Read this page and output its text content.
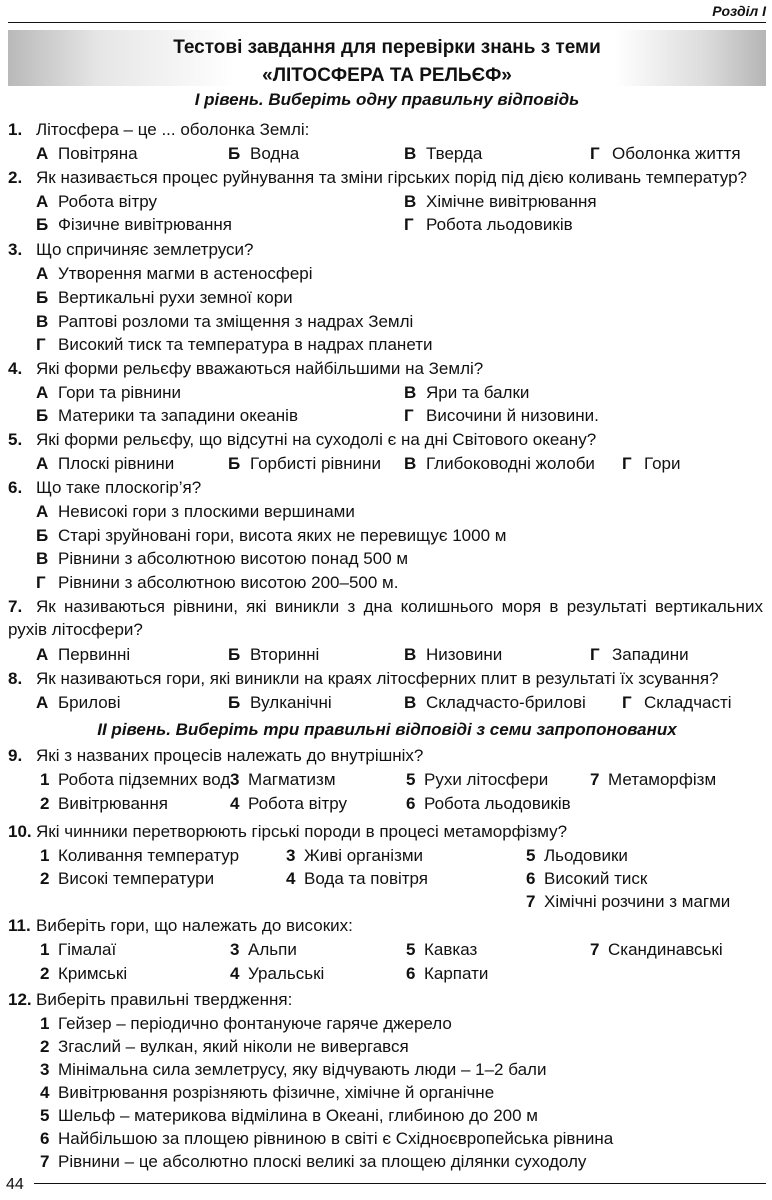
Розділ І
Тестові завдання для перевірки знань з теми
«ЛІТОСФЕРА ТА РЕЛЬЄФ»
І рівень. Виберіть одну правильну відповідь
1. Літосфера – це ... оболонка Землі:
А Повітряна	Б Водна	В Тверда	Г Оболонка життя
2. Як називається процес руйнування та зміни гірських порід під дією коливань температур?
А Робота вітру	В Хімічне вивітрювання
Б Фізичне вивітрювання	Г Робота льодовиків
3. Що спричиняє землетруси?
А Утворення магми в астеносфері
Б Вертикальні рухи земної кори
В Раптові розломи та зміщення з надрах Землі
Г Високий тиск та температура в надрах планети
4. Які форми рельєфу вважаються найбільшими на Землі?
А Гори та рівнини	В Яри та балки
Б Материки та западини океанів	Г Височини й низовини.
5. Які форми рельєфу, що відсутні на суходолі є на дні Світового океану?
А Плоскі рівнини	Б Горбисті рівнини В Глибоководні жолоби Г Гори
6. Що таке плоскогір’я?
А Невисокі гори з плоскими вершинами
Б Старі зруйновані гори, висота яких не перевищує 1000 м
В Рівнини з абсолютною висотою понад 500 м
Г Рівнини з абсолютною висотою 200–500 м.
7. Як називаються рівнини, які виникли з дна колишнього моря в результаті вертикальних рухів літосфери?
А Первинні	Б Вторинні	В Низовини	Г Западини
8. Як називаються гори, які виникли на краях літосферних плит в результаті їх зсування?
А Брилові	Б Вулканічні	В Складчасто-брилові Г Складчасті
ІІ рівень. Виберіть три правильні відповіді з семи запропонованих
9. Які з названих процесів належать до внутрішніх?
1 Робота підземних вод 3 Магматизм	5 Рухи літосфери 7 Метаморфізм
2 Вивітрювання	4 Робота вітру	6 Робота льодовиків
10. Які чинники перетворюють гірські породи в процесі метаморфізму?
1 Коливання температур	3 Живі організми	5 Льодовики
2 Високі температури	4 Вода та повітря	6 Високий тиск
7 Хімічні розчини з магми
11. Виберіть гори, що належать до високих:
1 Гімалаї	3 Альпи	5 Кавказ	7 Скандинавські
2 Кримські	4 Уральські	6 Карпати
12. Виберіть правильні твердження:
1 Гейзер – періодично фонтануюче гаряче джерело
2 Згаслий – вулкан, який ніколи не вивергався
3 Мінімальна сила землетрусу, яку відчувають люди – 1–2 бали
4 Вивітрювання розрізняють фізичне, хімічне й органічне
5 Шельф – материкова відмілина в Океані, глибиною до 200 м
6 Найбільшою за площею рівниною в світі є Східноєвропейська рівнина
7 Рівнини – це абсолютно плоскі великі за площею ділянки суходолу
44
